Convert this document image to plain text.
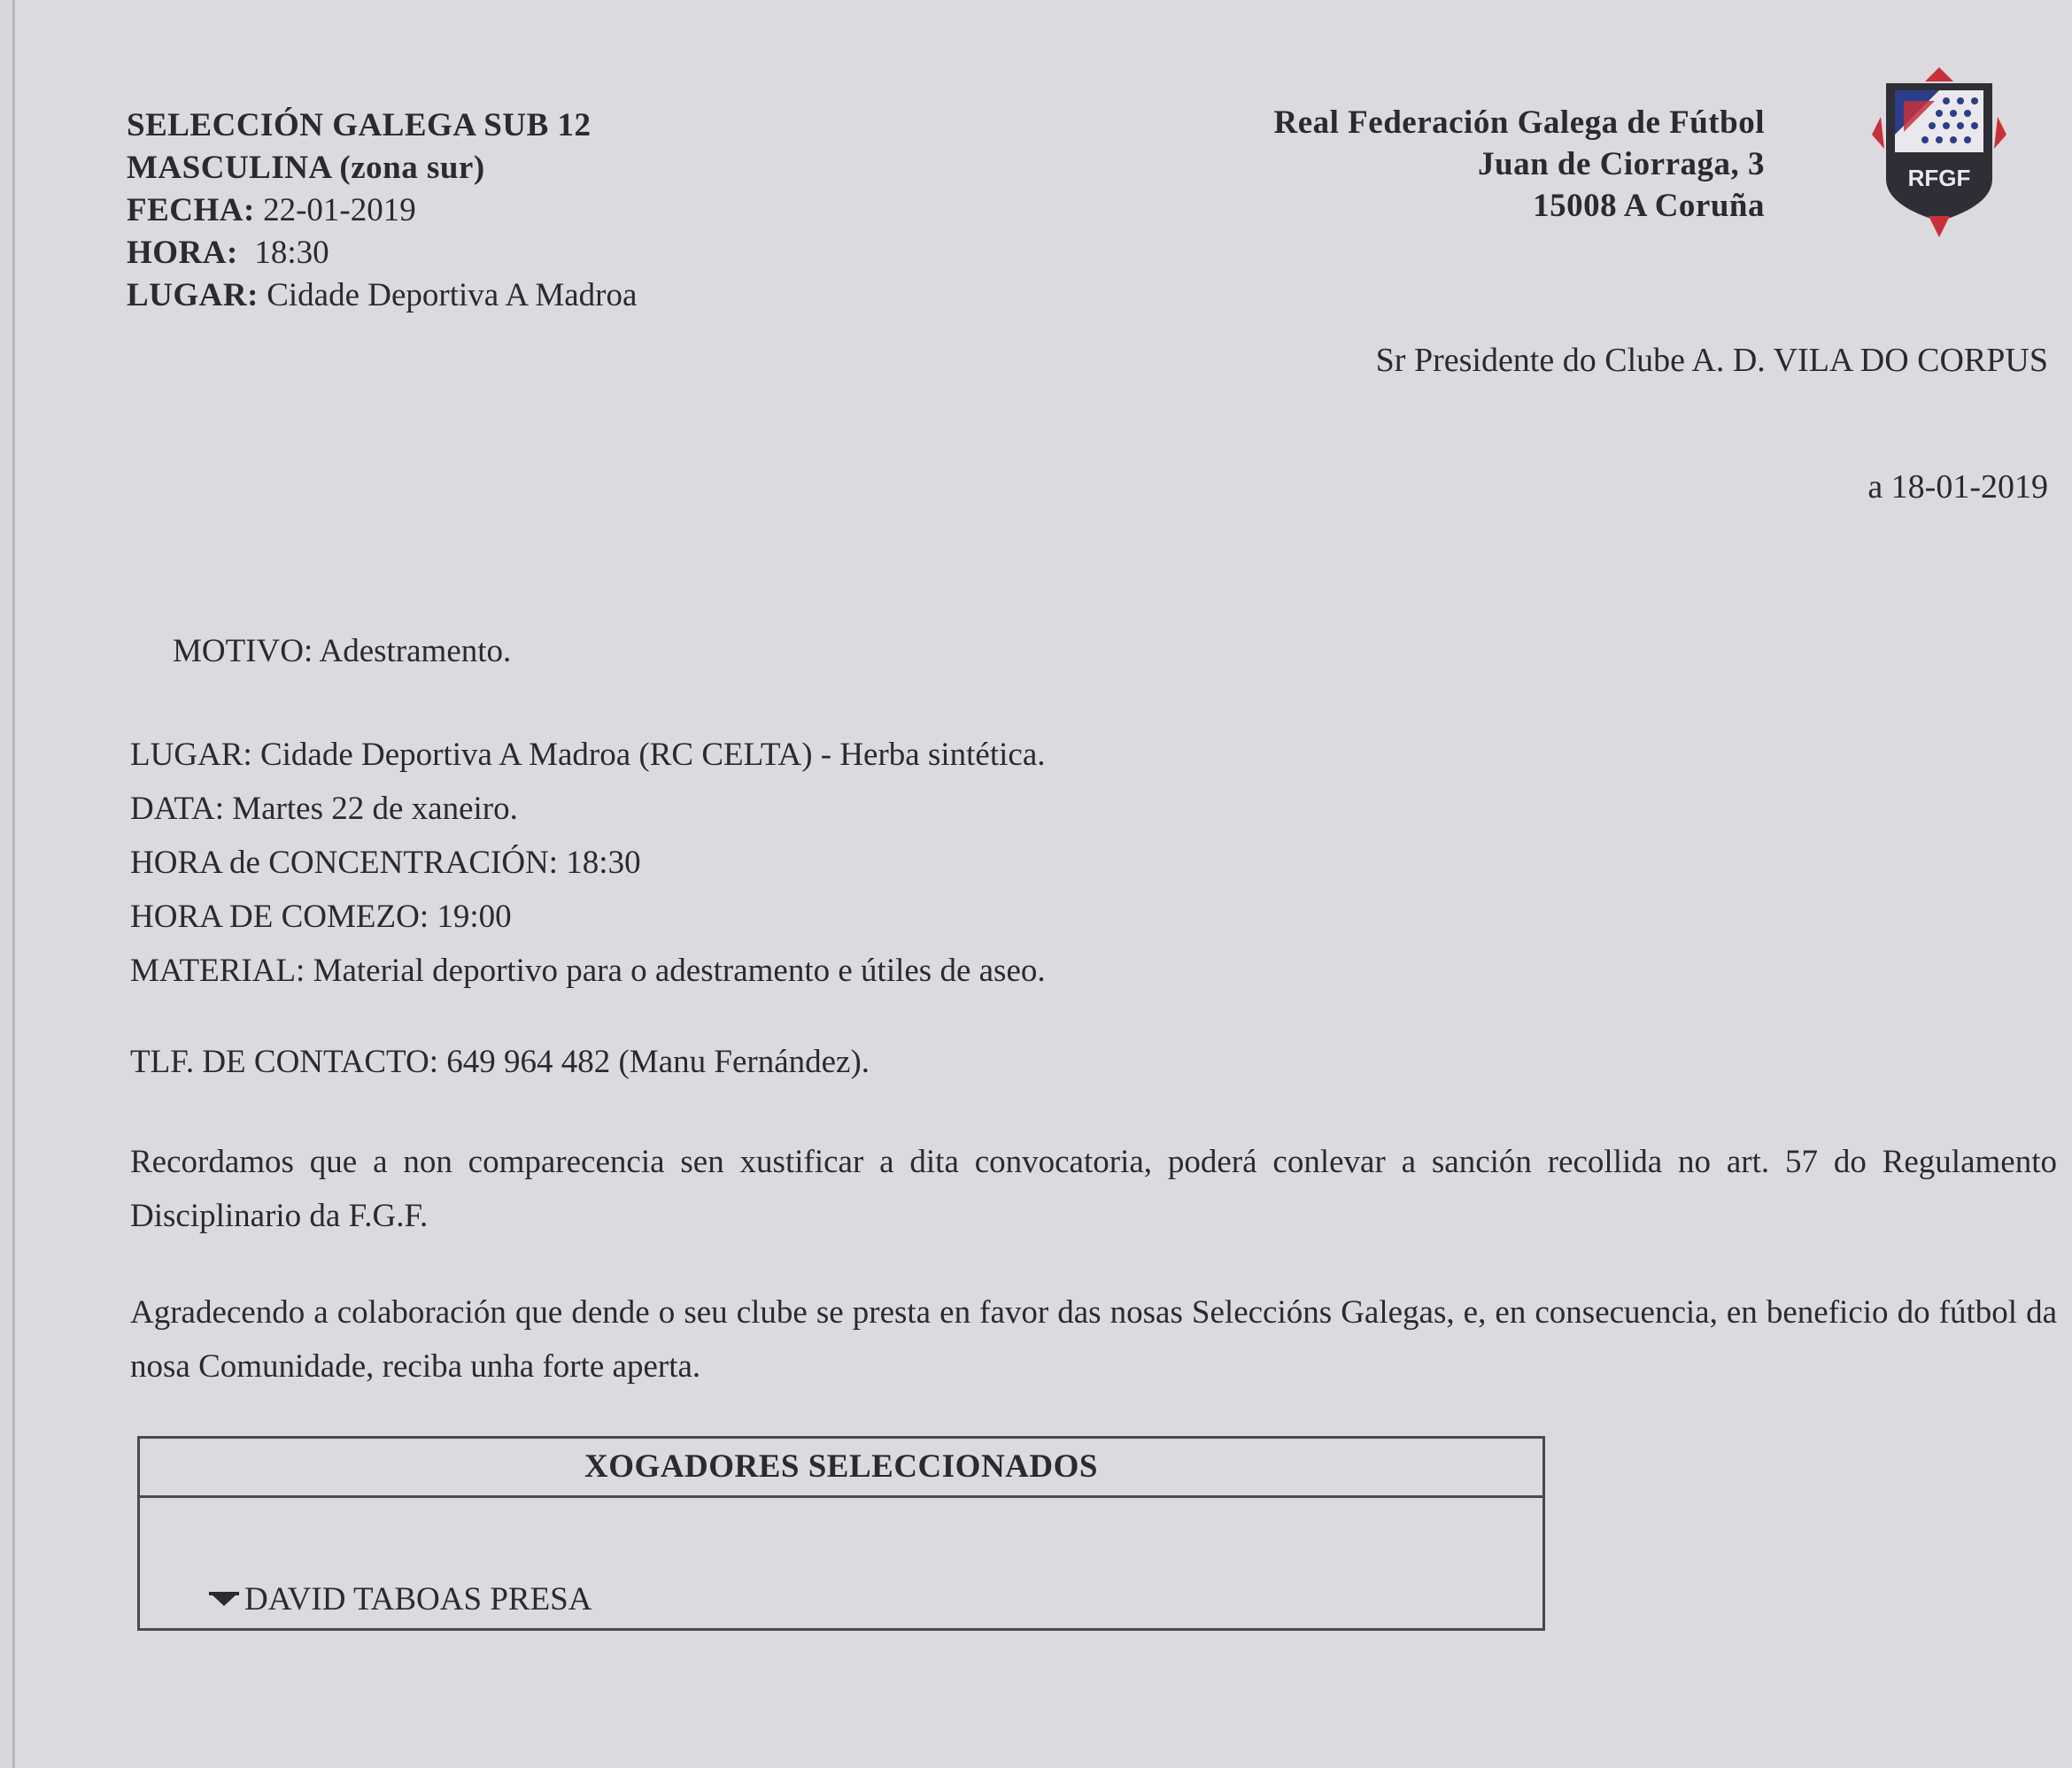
SELECCIÓN GALEGA SUB 12
MASCULINA (zona sur)
FECHA: 22-01-2019
HORA: 18:30
LUGAR: Cidade Deportiva A Madroa
Real Federación Galega de Fútbol
Juan de Ciorraga, 3
15008 A Coruña
RFGF
Sr Presidente do Clube A. D. VILA DO CORPUS
a 18-01-2019
MOTIVO: Adestramento.
LUGAR: Cidade Deportiva A Madroa (RC CELTA) - Herba sintética.
DATA: Martes 22 de xaneiro.
HORA de CONCENTRACIÓN: 18:30
HORA DE COMEZO: 19:00
MATERIAL: Material deportivo para o adestramento e útiles de aseo.
TLF. DE CONTACTO: 649 964 482 (Manu Fernández).
Recordamos que a non comparecencia sen xustificar a dita convocatoria, poderá conlevar a sanción recollida no art. 57 do Regulamento Disciplinario da F.G.F.
Agradecendo a colaboración que dende o seu clube se presta en favor das nosas Seleccións Galegas, e, en consecuencia, en beneficio do fútbol da nosa Comunidade, reciba unha forte aperta.
XOGADORES SELECCIONADOS
DAVID TABOAS PRESA
